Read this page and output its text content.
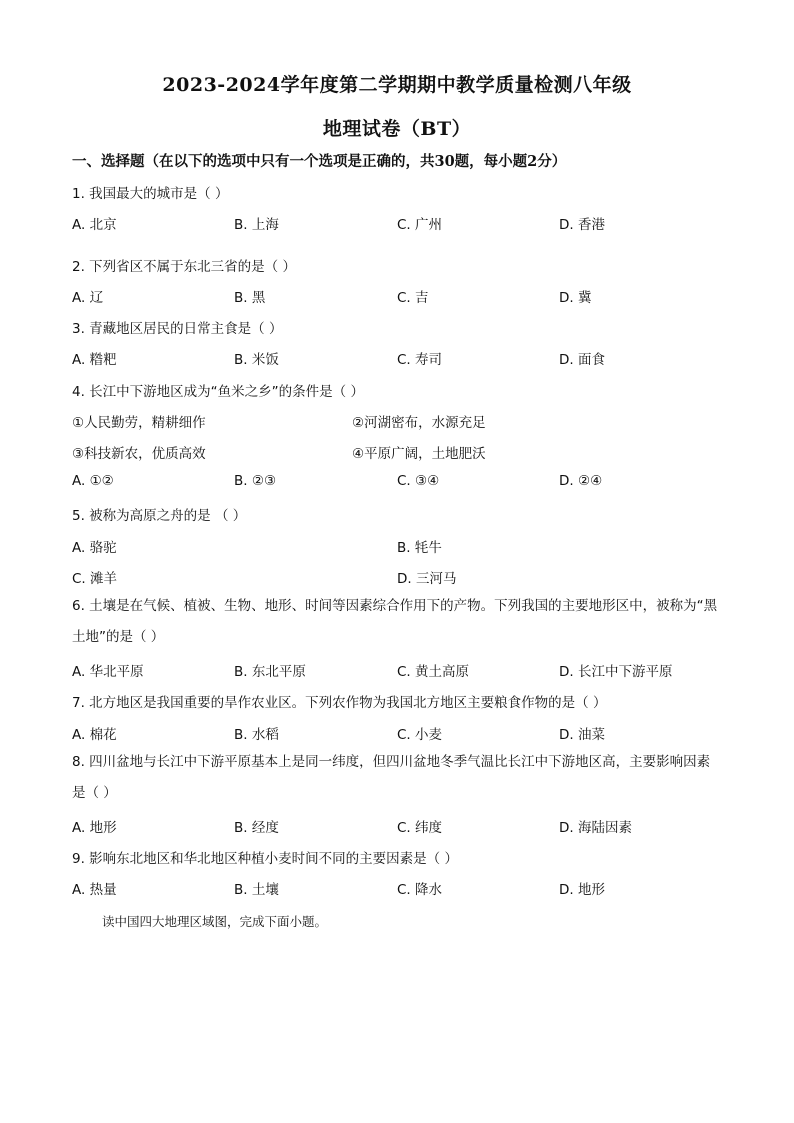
2023-2024学年度第二学期期中教学质量检测八年级
地理试卷（BT）
一、选择题（在以下的选项中只有一个选项是正确的，共30题，每小题2分）
1. 我国最大的城市是（ ）
A. 北京	B. 上海	C. 广州	D. 香港
2. 下列省区不属于东北三省的是（ ）
A. 辽	B. 黑	C. 吉	D. 冀
3. 青藏地区居民的日常主食是（ ）
A. 糌粑	B. 米饭	C. 寿司	D. 面食
4. 长江中下游地区成为“鱼米之乡”的条件是（ ）
①人民勤劳，精耕细作	②河湖密布，水源充足
③科技新农，优质高效	④平原广阔，土地肥沃
A. ①②	B. ②③	C. ③④	D. ②④
5. 被称为高原之舟的是 （ ）
A. 骆驼	B. 牦牛
C. 滩羊	D. 三河马
6. 土壤是在气候、植被、生物、地形、时间等因素综合作用下的产物。下列我国的主要地形区中，被称为“黑土地”的是（ ）
A. 华北平原	B. 东北平原	C. 黄土高原	D. 长江中下游平原
7. 北方地区是我国重要的旱作农业区。下列农作物为我国北方地区主要粮食作物的是（ ）
A. 棉花	B. 水稻	C. 小麦	D. 油菜
8. 四川盆地与长江中下游平原基本上是同一纬度，但四川盆地冬季气温比长江中下游地区高，主要影响因素是（ ）
A. 地形	B. 经度	C. 纬度	D. 海陆因素
9. 影响东北地区和华北地区种植小麦时间不同的主要因素是（ ）
A. 热量	B. 土壤	C. 降水	D. 地形
读中国四大地理区域图，完成下面小题。
